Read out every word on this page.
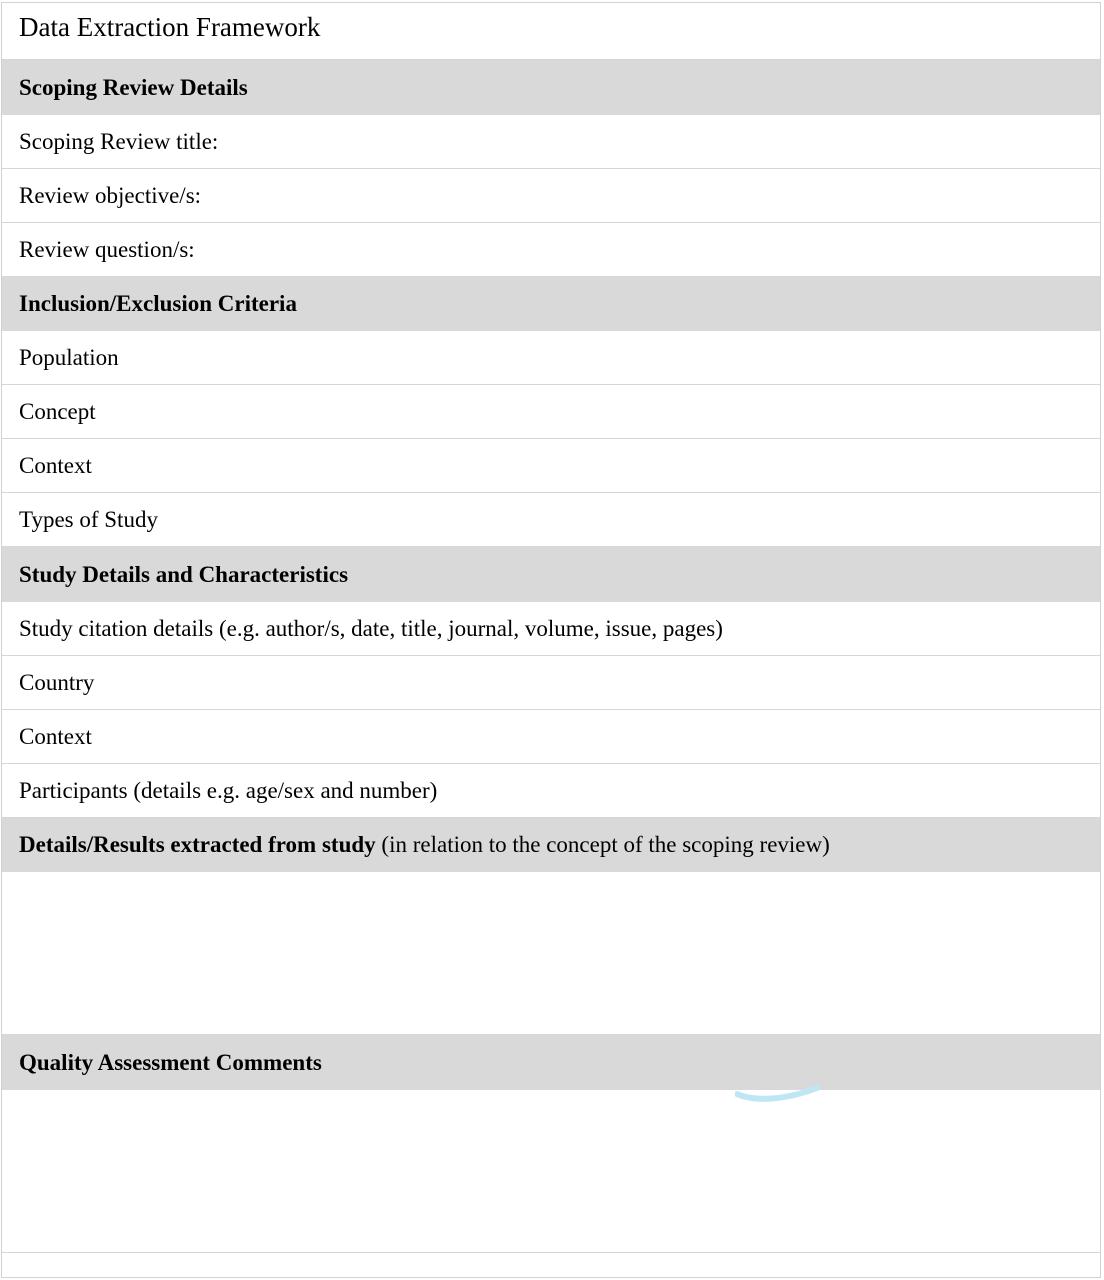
Data Extraction Framework
Scoping Review Details
Scoping Review title:
Review objective/s:
Review question/s:
Inclusion/Exclusion Criteria
Population
Concept
Context
Types of Study
Study Details and Characteristics
Study citation details (e.g. author/s, date, title, journal, volume, issue, pages)
Country
Context
Participants (details e.g. age/sex and number)
Details/Results extracted from study (in relation to the concept of the scoping review)
Quality Assessment Comments
